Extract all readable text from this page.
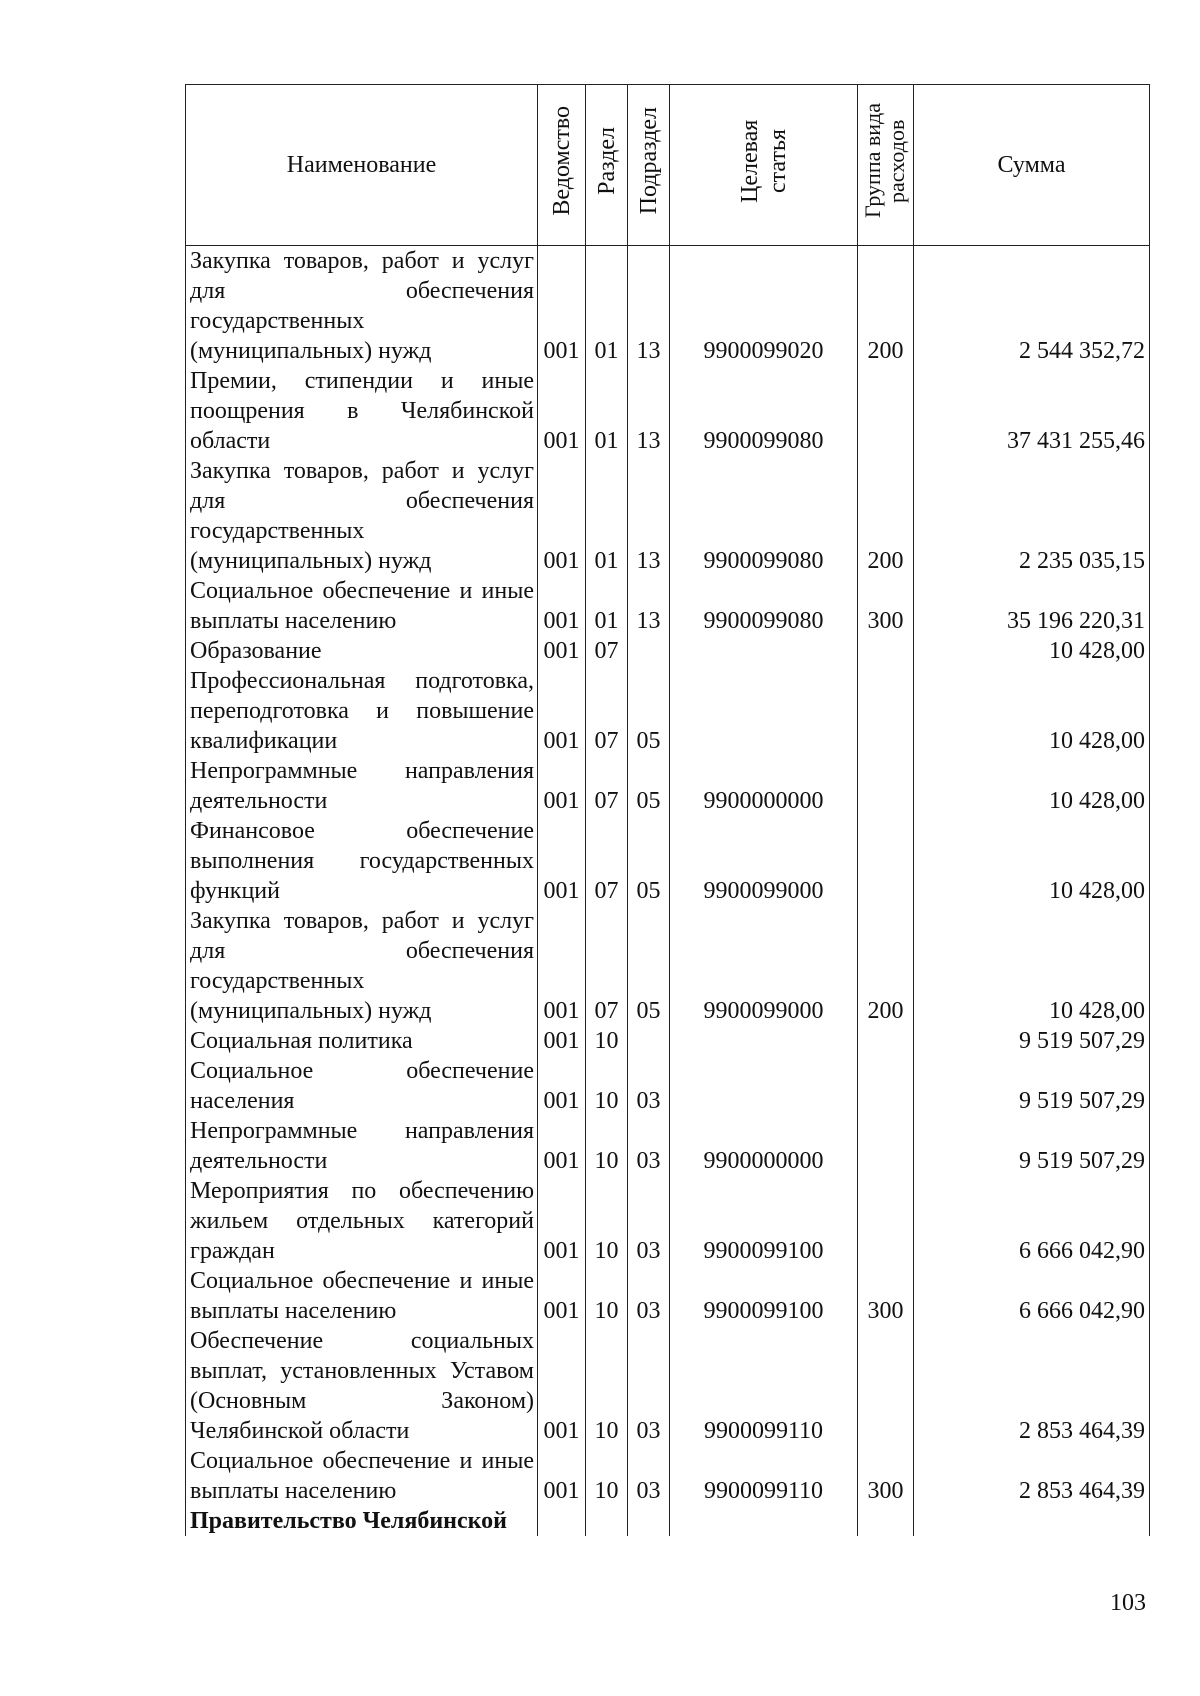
Наименование	Ведомство	Раздел	Подраздел	Целевая статья	Группа вида расходов	Сумма
Закупка товаров, работ и услуг для обеспечения государственных (муниципальных) нужд	001	01	13	9900099020	200	2 544 352,72
Премии, стипендии и иные поощрения в Челябинской области	001	01	13	9900099080		37 431 255,46
Закупка товаров, работ и услуг для обеспечения государственных (муниципальных) нужд	001	01	13	9900099080	200	2 235 035,15
Социальное обеспечение и иные выплаты населению	001	01	13	9900099080	300	35 196 220,31
Образование	001	07				10 428,00
Профессиональная подготовка, переподготовка и повышение квалификации	001	07	05			10 428,00
Непрограммные направления деятельности	001	07	05	9900000000		10 428,00
Финансовое обеспечение выполнения государственных функций	001	07	05	9900099000		10 428,00
Закупка товаров, работ и услуг для обеспечения государственных (муниципальных) нужд	001	07	05	9900099000	200	10 428,00
Социальная политика	001	10				9 519 507,29
Социальное обеспечение населения	001	10	03			9 519 507,29
Непрограммные направления деятельности	001	10	03	9900000000		9 519 507,29
Мероприятия по обеспечению жильем отдельных категорий граждан	001	10	03	9900099100		6 666 042,90
Социальное обеспечение и иные выплаты населению	001	10	03	9900099100	300	6 666 042,90
Обеспечение социальных выплат, установленных Уставом (Основным Законом) Челябинской области	001	10	03	9900099110		2 853 464,39
Социальное обеспечение и иные выплаты населению	001	10	03	9900099110	300	2 853 464,39
Правительство Челябинской						
103
